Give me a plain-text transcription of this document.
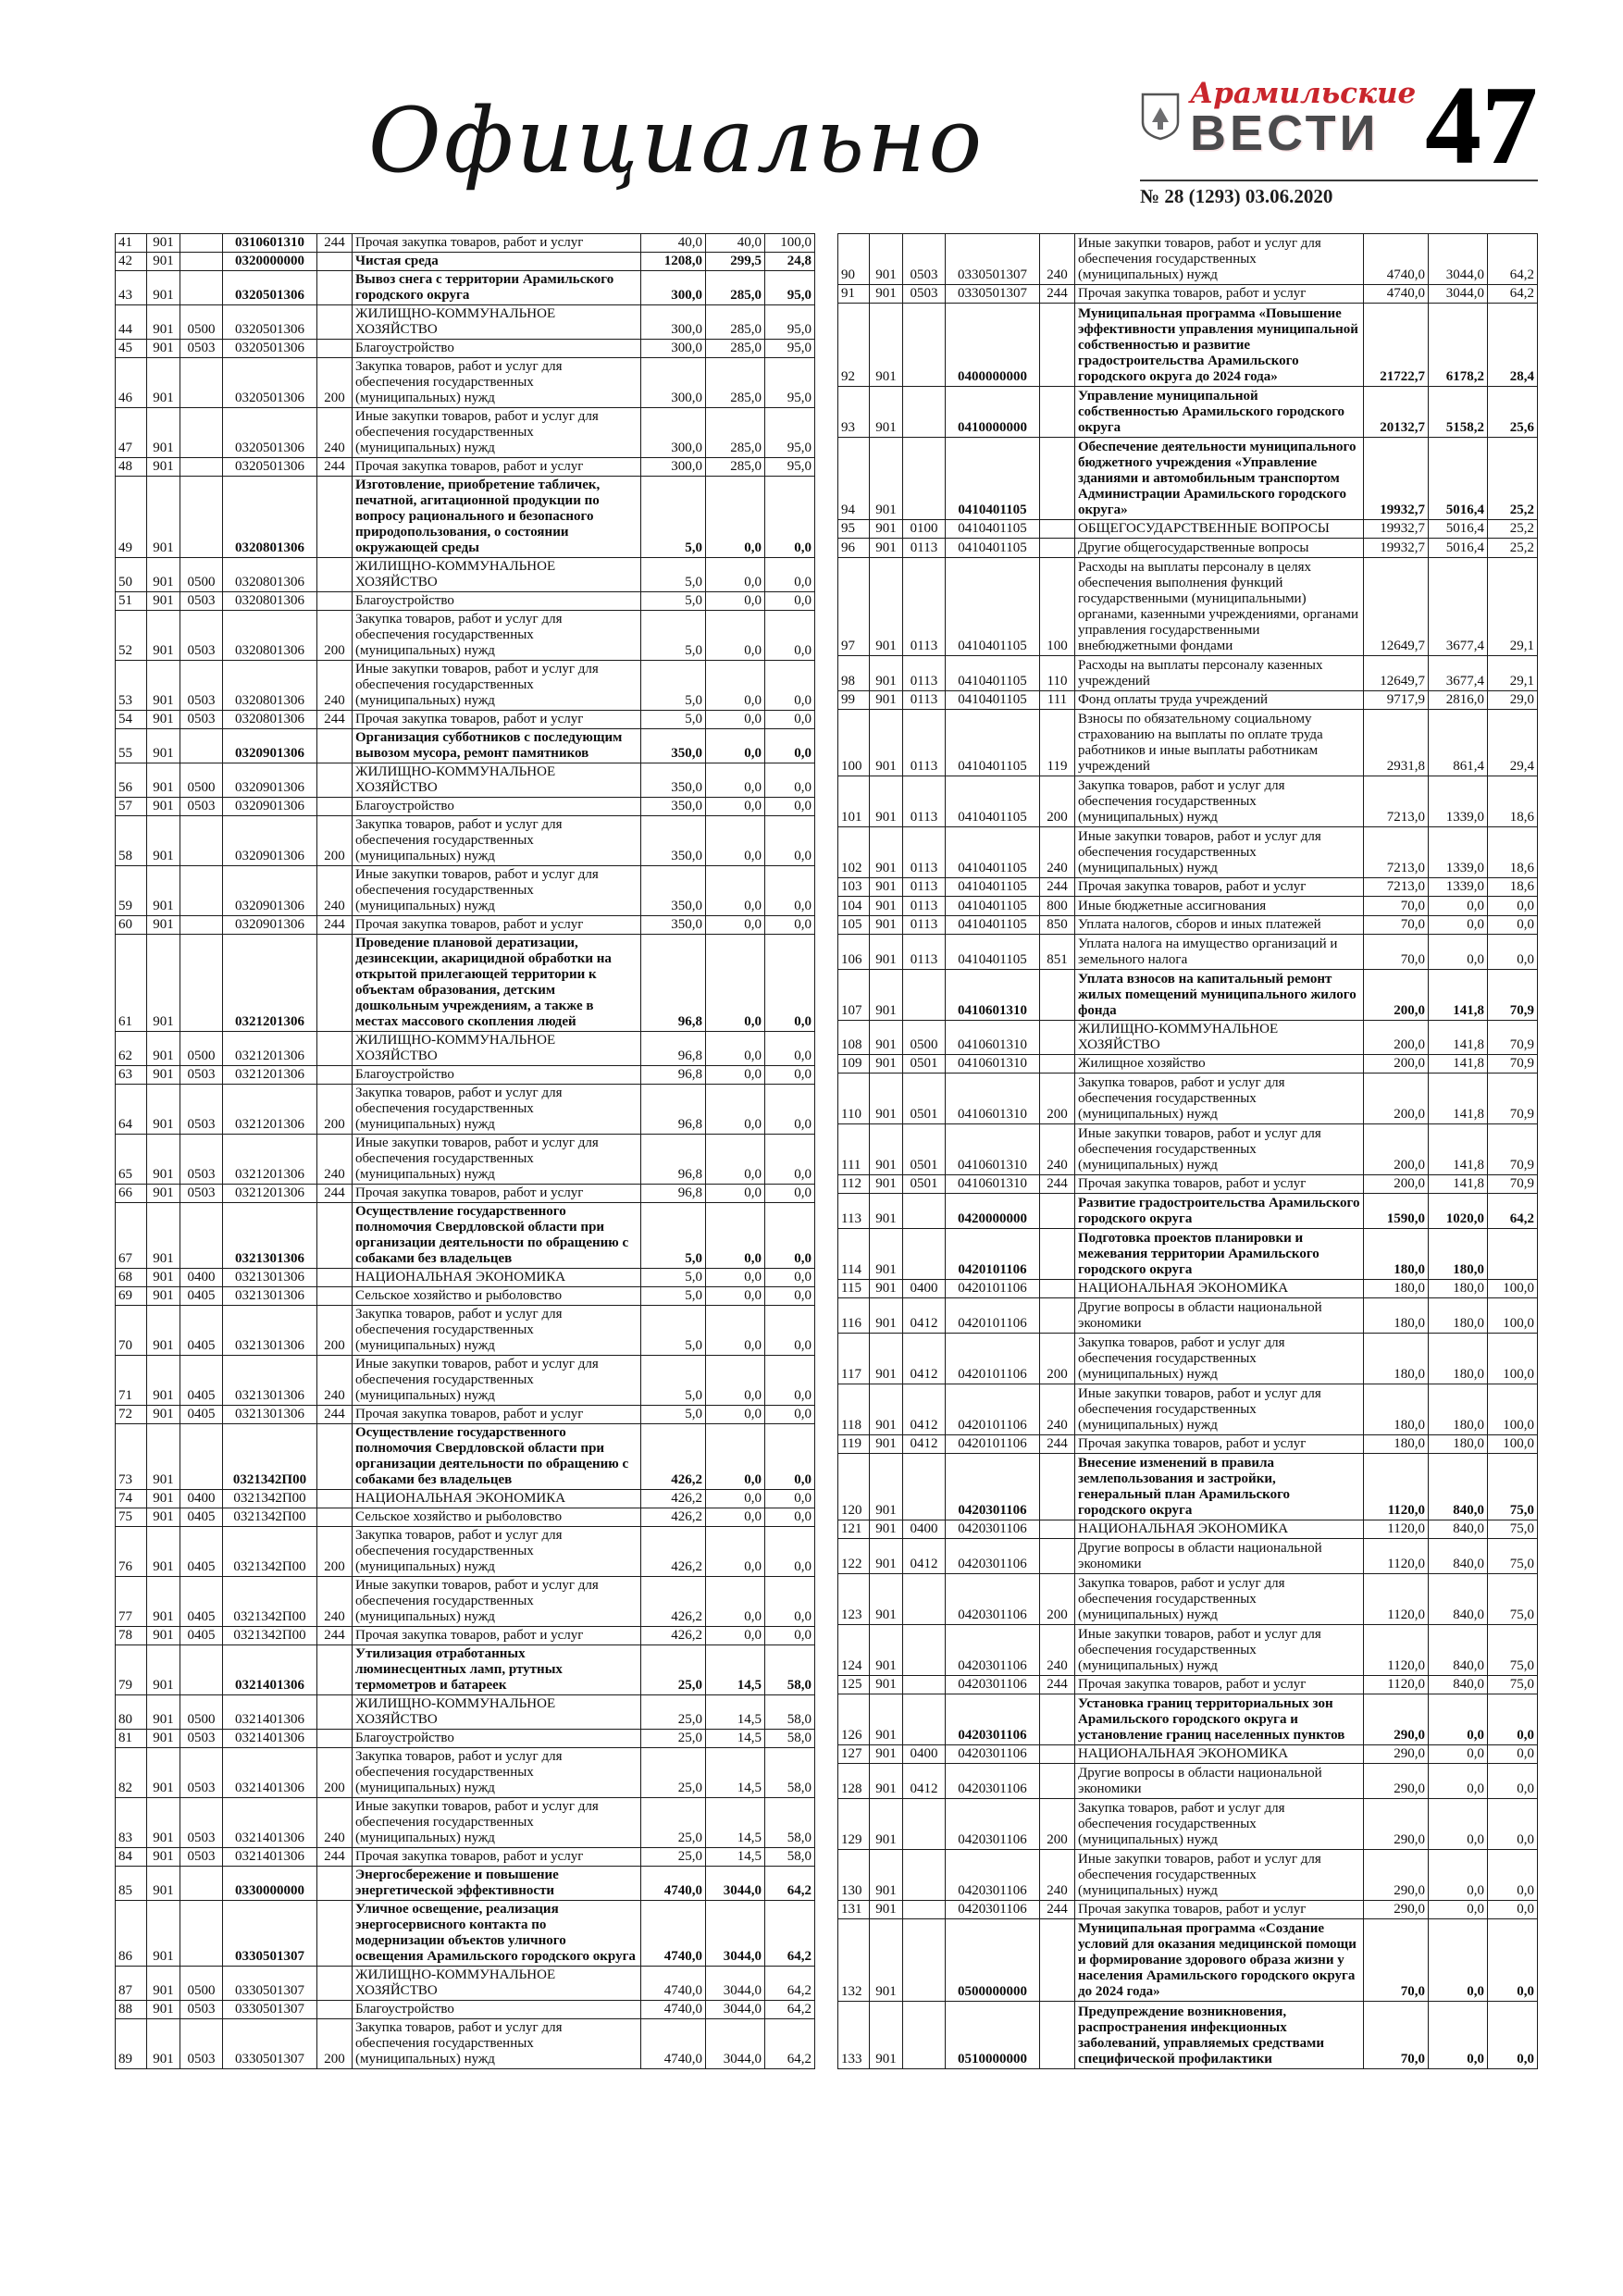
Официально	Арамильские
ВЕСТИ 47
№ 28 (1293) 03.06.2020
41	901		0310601310	244	Прочая закупка товаров, работ и услуг	40,0	40,0	100,0
42	901		0320000000		Чистая среда	1208,0	299,5	24,8
43	901		0320501306		Вывоз снега с территории Арамильского городского округа	300,0	285,0	95,0
44	901	0500	0320501306		ЖИЛИЩНО-КОММУНАЛЬНОЕ ХОЗЯЙСТВО	300,0	285,0	95,0
45	901	0503	0320501306		Благоустройство	300,0	285,0	95,0
46	901		0320501306	200	Закупка товаров, работ и услуг для обеспечения государственных (муниципальных) нужд	300,0	285,0	95,0
47	901		0320501306	240	Иные закупки товаров, работ и услуг для обеспечения государственных (муниципальных) нужд	300,0	285,0	95,0
48	901		0320501306	244	Прочая закупка товаров, работ и услуг	300,0	285,0	95,0
49	901		0320801306		Изготовление, приобретение табличек, печатной, агитационной продукции по вопросу рационального и безопасного природопользования, о состоянии окружающей среды	5,0	0,0	0,0
50	901	0500	0320801306		ЖИЛИЩНО-КОММУНАЛЬНОЕ ХОЗЯЙСТВО	5,0	0,0	0,0
51	901	0503	0320801306		Благоустройство	5,0	0,0	0,0
52	901	0503	0320801306	200	Закупка товаров, работ и услуг для обеспечения государственных (муниципальных) нужд	5,0	0,0	0,0
53	901	0503	0320801306	240	Иные закупки товаров, работ и услуг для обеспечения государственных (муниципальных) нужд	5,0	0,0	0,0
54	901	0503	0320801306	244	Прочая закупка товаров, работ и услуг	5,0	0,0	0,0
55	901		0320901306		Организация субботников с последующим вывозом мусора, ремонт памятников	350,0	0,0	0,0
56	901	0500	0320901306		ЖИЛИЩНО-КОММУНАЛЬНОЕ ХОЗЯЙСТВО	350,0	0,0	0,0
57	901	0503	0320901306		Благоустройство	350,0	0,0	0,0
58	901		0320901306	200	Закупка товаров, работ и услуг для обеспечения государственных (муниципальных) нужд	350,0	0,0	0,0
59	901		0320901306	240	Иные закупки товаров, работ и услуг для обеспечения государственных (муниципальных) нужд	350,0	0,0	0,0
60	901		0320901306	244	Прочая закупка товаров, работ и услуг	350,0	0,0	0,0
61	901		0321201306		Проведение плановой дератизации, дезинсекции, акарицидной обработки на открытой прилегающей территории к объектам образования, детским дошкольным учреждениям, а также в местах массового скопления людей	96,8	0,0	0,0
62	901	0500	0321201306		ЖИЛИЩНО-КОММУНАЛЬНОЕ ХОЗЯЙСТВО	96,8	0,0	0,0
63	901	0503	0321201306		Благоустройство	96,8	0,0	0,0
64	901	0503	0321201306	200	Закупка товаров, работ и услуг для обеспечения государственных (муниципальных) нужд	96,8	0,0	0,0
65	901	0503	0321201306	240	Иные закупки товаров, работ и услуг для обеспечения государственных (муниципальных) нужд	96,8	0,0	0,0
66	901	0503	0321201306	244	Прочая закупка товаров, работ и услуг	96,8	0,0	0,0
67	901		0321301306		Осуществление государственного полномочия Свердловской области при организации деятельности по обращению с собаками без владельцев	5,0	0,0	0,0
68	901	0400	0321301306		НАЦИОНАЛЬНАЯ ЭКОНОМИКА	5,0	0,0	0,0
69	901	0405	0321301306		Сельское хозяйство и рыболовство	5,0	0,0	0,0
70	901	0405	0321301306	200	Закупка товаров, работ и услуг для обеспечения государственных (муниципальных) нужд	5,0	0,0	0,0
71	901	0405	0321301306	240	Иные закупки товаров, работ и услуг для обеспечения государственных (муниципальных) нужд	5,0	0,0	0,0
72	901	0405	0321301306	244	Прочая закупка товаров, работ и услуг	5,0	0,0	0,0
73	901		0321342П00		Осуществление государственного полномочия Свердловской области при организации деятельности по обращению с собаками без владельцев	426,2	0,0	0,0
74	901	0400	0321342П00		НАЦИОНАЛЬНАЯ ЭКОНОМИКА	426,2	0,0	0,0
75	901	0405	0321342П00		Сельское хозяйство и рыболовство	426,2	0,0	0,0
76	901	0405	0321342П00	200	Закупка товаров, работ и услуг для обеспечения государственных (муниципальных) нужд	426,2	0,0	0,0
77	901	0405	0321342П00	240	Иные закупки товаров, работ и услуг для обеспечения государственных (муниципальных) нужд	426,2	0,0	0,0
78	901	0405	0321342П00	244	Прочая закупка товаров, работ и услуг	426,2	0,0	0,0
79	901		0321401306		Утилизация отработанных люминесцентных ламп, ртутных термометров и батареек	25,0	14,5	58,0
80	901	0500	0321401306		ЖИЛИЩНО-КОММУНАЛЬНОЕ ХОЗЯЙСТВО	25,0	14,5	58,0
81	901	0503	0321401306		Благоустройство	25,0	14,5	58,0
82	901	0503	0321401306	200	Закупка товаров, работ и услуг для обеспечения государственных (муниципальных) нужд	25,0	14,5	58,0
83	901	0503	0321401306	240	Иные закупки товаров, работ и услуг для обеспечения государственных (муниципальных) нужд	25,0	14,5	58,0
84	901	0503	0321401306	244	Прочая закупка товаров, работ и услуг	25,0	14,5	58,0
85	901		0330000000		Энергосбережение и повышение энергетической эффективности	4740,0	3044,0	64,2
86	901		0330501307		Уличное освещение, реализация энергосервисного контакта по модернизации объектов уличного освещения Арамильского городского округа	4740,0	3044,0	64,2
87	901	0500	0330501307		ЖИЛИЩНО-КОММУНАЛЬНОЕ ХОЗЯЙСТВО	4740,0	3044,0	64,2
88	901	0503	0330501307		Благоустройство	4740,0	3044,0	64,2
89	901	0503	0330501307	200	Закупка товаров, работ и услуг для обеспечения государственных (муниципальных) нужд	4740,0	3044,0	64,2
90	901	0503	0330501307	240	Иные закупки товаров, работ и услуг для обеспечения государственных (муниципальных) нужд	4740,0	3044,0	64,2
91	901	0503	0330501307	244	Прочая закупка товаров, работ и услуг	4740,0	3044,0	64,2
92	901		0400000000		Муниципальная программа «Повышение эффективности управления муниципальной собственностью и развитие градостроительства Арамильского городского округа до 2024 года»	21722,7	6178,2	28,4
93	901		0410000000		Управление муниципальной собственностью Арамильского городского округа	20132,7	5158,2	25,6
94	901		0410401105		Обеспечение деятельности муниципального бюджетного учреждения «Управление зданиями и автомобильным транспортом Администрации Арамильского городского округа»	19932,7	5016,4	25,2
95	901	0100	0410401105		ОБЩЕГОСУДАРСТВЕННЫЕ ВОПРОСЫ	19932,7	5016,4	25,2
96	901	0113	0410401105		Другие общегосударственные вопросы	19932,7	5016,4	25,2
97	901	0113	0410401105	100	Расходы на выплаты персоналу в целях обеспечения выполнения функций государственными (муниципальными) органами, казенными учреждениями, органами управления государственными внебюджетными фондами	12649,7	3677,4	29,1
98	901	0113	0410401105	110	Расходы на выплаты персоналу казенных учреждений	12649,7	3677,4	29,1
99	901	0113	0410401105	111	Фонд оплаты труда учреждений	9717,9	2816,0	29,0
100	901	0113	0410401105	119	Взносы по обязательному социальному страхованию на выплаты по оплате труда работников и иные выплаты работникам учреждений	2931,8	861,4	29,4
101	901	0113	0410401105	200	Закупка товаров, работ и услуг для обеспечения государственных (муниципальных) нужд	7213,0	1339,0	18,6
102	901	0113	0410401105	240	Иные закупки товаров, работ и услуг для обеспечения государственных (муниципальных) нужд	7213,0	1339,0	18,6
103	901	0113	0410401105	244	Прочая закупка товаров, работ и услуг	7213,0	1339,0	18,6
104	901	0113	0410401105	800	Иные бюджетные ассигнования	70,0	0,0	0,0
105	901	0113	0410401105	850	Уплата налогов, сборов и иных платежей	70,0	0,0	0,0
106	901	0113	0410401105	851	Уплата налога на имущество организаций и земельного налога	70,0	0,0	0,0
107	901		0410601310		Уплата взносов на капитальный ремонт жилых помещений муниципального жилого фонда	200,0	141,8	70,9
108	901	0500	0410601310		ЖИЛИЩНО-КОММУНАЛЬНОЕ ХОЗЯЙСТВО	200,0	141,8	70,9
109	901	0501	0410601310		Жилищное хозяйство	200,0	141,8	70,9
110	901	0501	0410601310	200	Закупка товаров, работ и услуг для обеспечения государственных (муниципальных) нужд	200,0	141,8	70,9
111	901	0501	0410601310	240	Иные закупки товаров, работ и услуг для обеспечения государственных (муниципальных) нужд	200,0	141,8	70,9
112	901	0501	0410601310	244	Прочая закупка товаров, работ и услуг	200,0	141,8	70,9
113	901		0420000000		Развитие градостроительства Арамильского городского округа	1590,0	1020,0	64,2
114	901		0420101106		Подготовка проектов планировки и межевания территории Арамильского городского округа	180,0	180,0	
115	901	0400	0420101106		НАЦИОНАЛЬНАЯ ЭКОНОМИКА	180,0	180,0	100,0
116	901	0412	0420101106		Другие вопросы в области национальной экономики	180,0	180,0	100,0
117	901	0412	0420101106	200	Закупка товаров, работ и услуг для обеспечения государственных (муниципальных) нужд	180,0	180,0	100,0
118	901	0412	0420101106	240	Иные закупки товаров, работ и услуг для обеспечения государственных (муниципальных) нужд	180,0	180,0	100,0
119	901	0412	0420101106	244	Прочая закупка товаров, работ и услуг	180,0	180,0	100,0
120	901		0420301106		Внесение изменений в правила землепользования и застройки, генеральный план Арамильского городского округа	1120,0	840,0	75,0
121	901	0400	0420301106		НАЦИОНАЛЬНАЯ ЭКОНОМИКА	1120,0	840,0	75,0
122	901	0412	0420301106		Другие вопросы в области национальной экономики	1120,0	840,0	75,0
123	901		0420301106	200	Закупка товаров, работ и услуг для обеспечения государственных (муниципальных) нужд	1120,0	840,0	75,0
124	901		0420301106	240	Иные закупки товаров, работ и услуг для обеспечения государственных (муниципальных) нужд	1120,0	840,0	75,0
125	901		0420301106	244	Прочая закупка товаров, работ и услуг	1120,0	840,0	75,0
126	901		0420301106		Установка границ территориальных зон Арамильского городского округа и установление границ населенных пунктов	290,0	0,0	0,0
127	901	0400	0420301106		НАЦИОНАЛЬНАЯ ЭКОНОМИКА	290,0	0,0	0,0
128	901	0412	0420301106		Другие вопросы в области национальной экономики	290,0	0,0	0,0
129	901		0420301106	200	Закупка товаров, работ и услуг для обеспечения государственных (муниципальных) нужд	290,0	0,0	0,0
130	901		0420301106	240	Иные закупки товаров, работ и услуг для обеспечения государственных (муниципальных) нужд	290,0	0,0	0,0
131	901		0420301106	244	Прочая закупка товаров, работ и услуг	290,0	0,0	0,0
132	901		0500000000		Муниципальная программа «Создание условий для оказания медицинской помощи и формирование здорового образа жизни у населения Арамильского городского округа до 2024 года»	70,0	0,0	0,0
133	901		0510000000		Предупреждение возникновения, распространения инфекционных заболеваний, управляемых средствами специфической профилактики	70,0	0,0	0,0
